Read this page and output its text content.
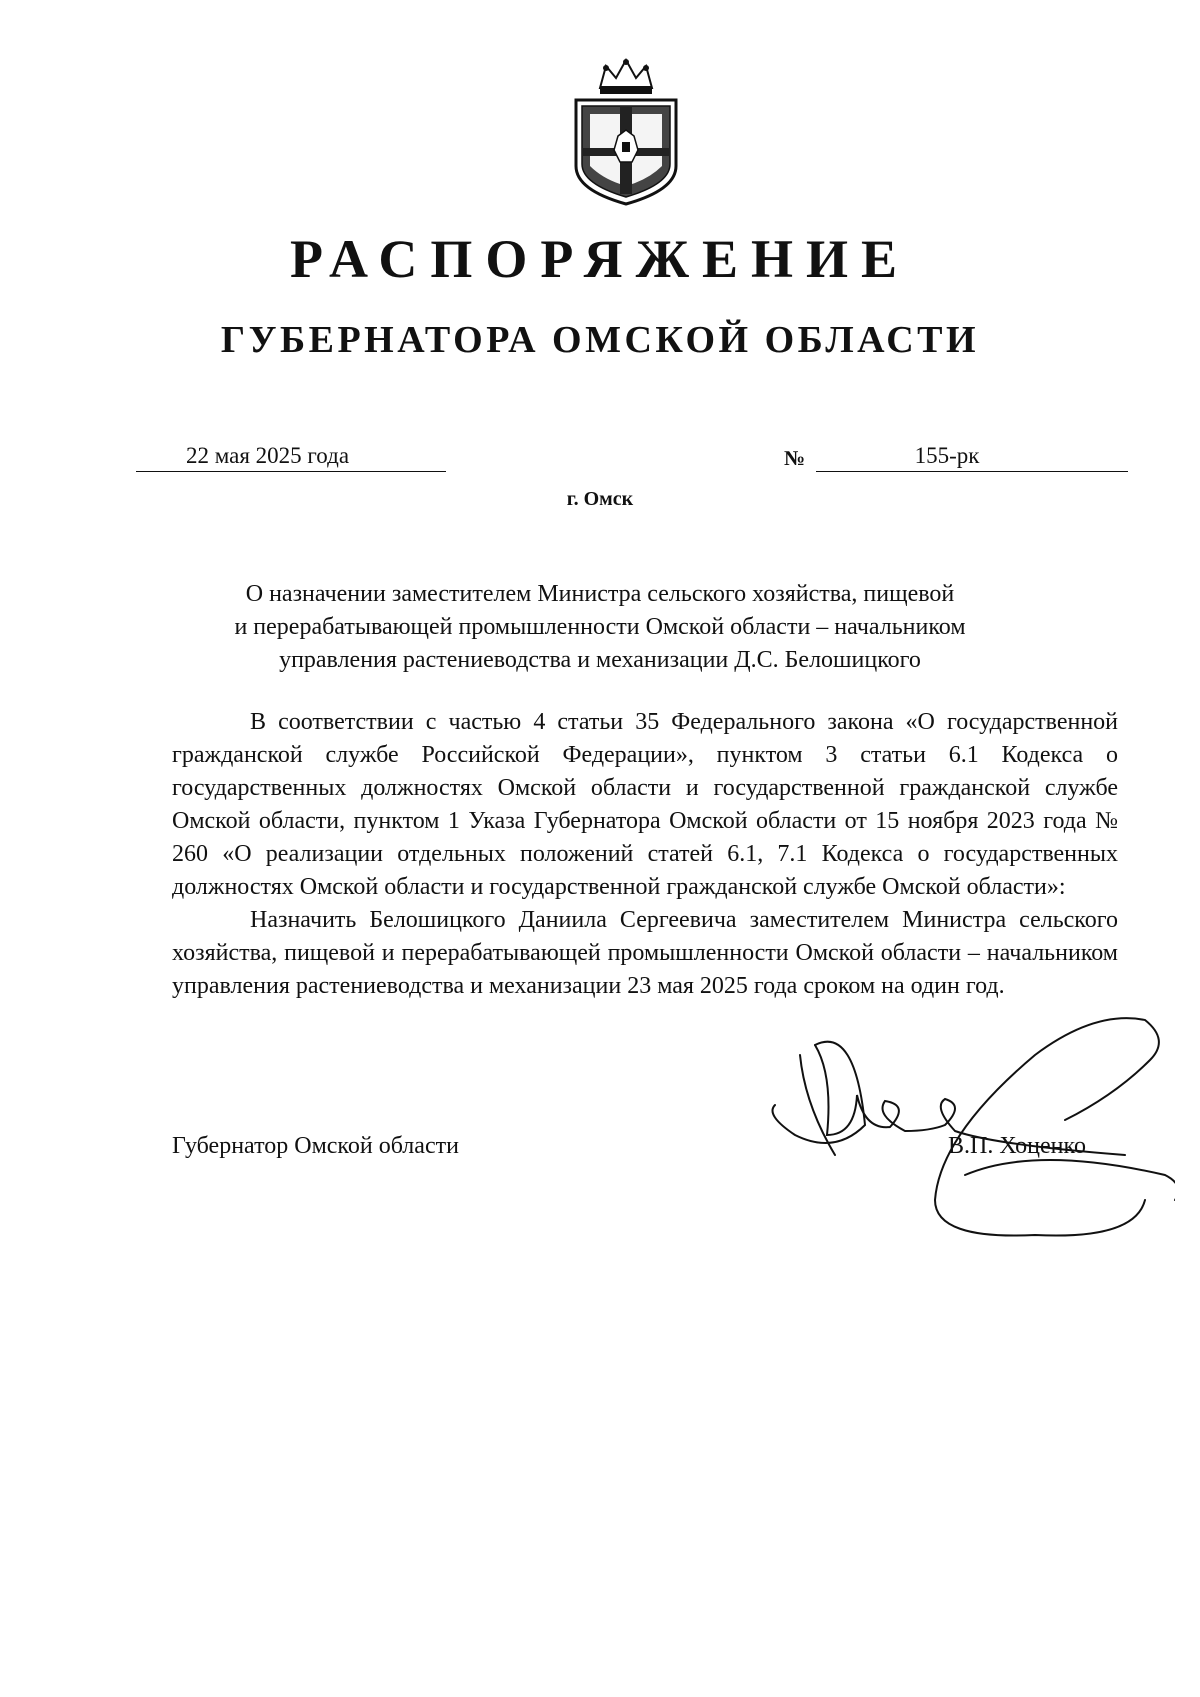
РАСПОРЯЖЕНИЕ
ГУБЕРНАТОРА ОМСКОЙ ОБЛАСТИ
22 мая 2025 года	№	155-рк
г. Омск
О назначении заместителем Министра сельского хозяйства, пищевой
и перерабатывающей промышленности Омской области – начальником
управления растениеводства и механизации Д.С. Белошицкого

В соответствии с частью 4 статьи 35 Федерального закона «О государственной гражданской службе Российской Федерации», пунктом 3 статьи 6.1 Кодекса о государственных должностях Омской области и государственной гражданской службе Омской области, пунктом 1 Указа Губернатора Омской области от 15 ноября 2023 года № 260 «О реализации отдельных положений статей 6.1, 7.1 Кодекса о государственных должностях Омской области и государственной гражданской службе Омской области»:

Назначить Белошицкого Даниила Сергеевича заместителем Министра сельского хозяйства, пищевой и перерабатывающей промышленности Омской области – начальником управления растениеводства и механизации 23 мая 2025 года сроком на один год.

Губернатор Омской области	В.П. Хоценко
